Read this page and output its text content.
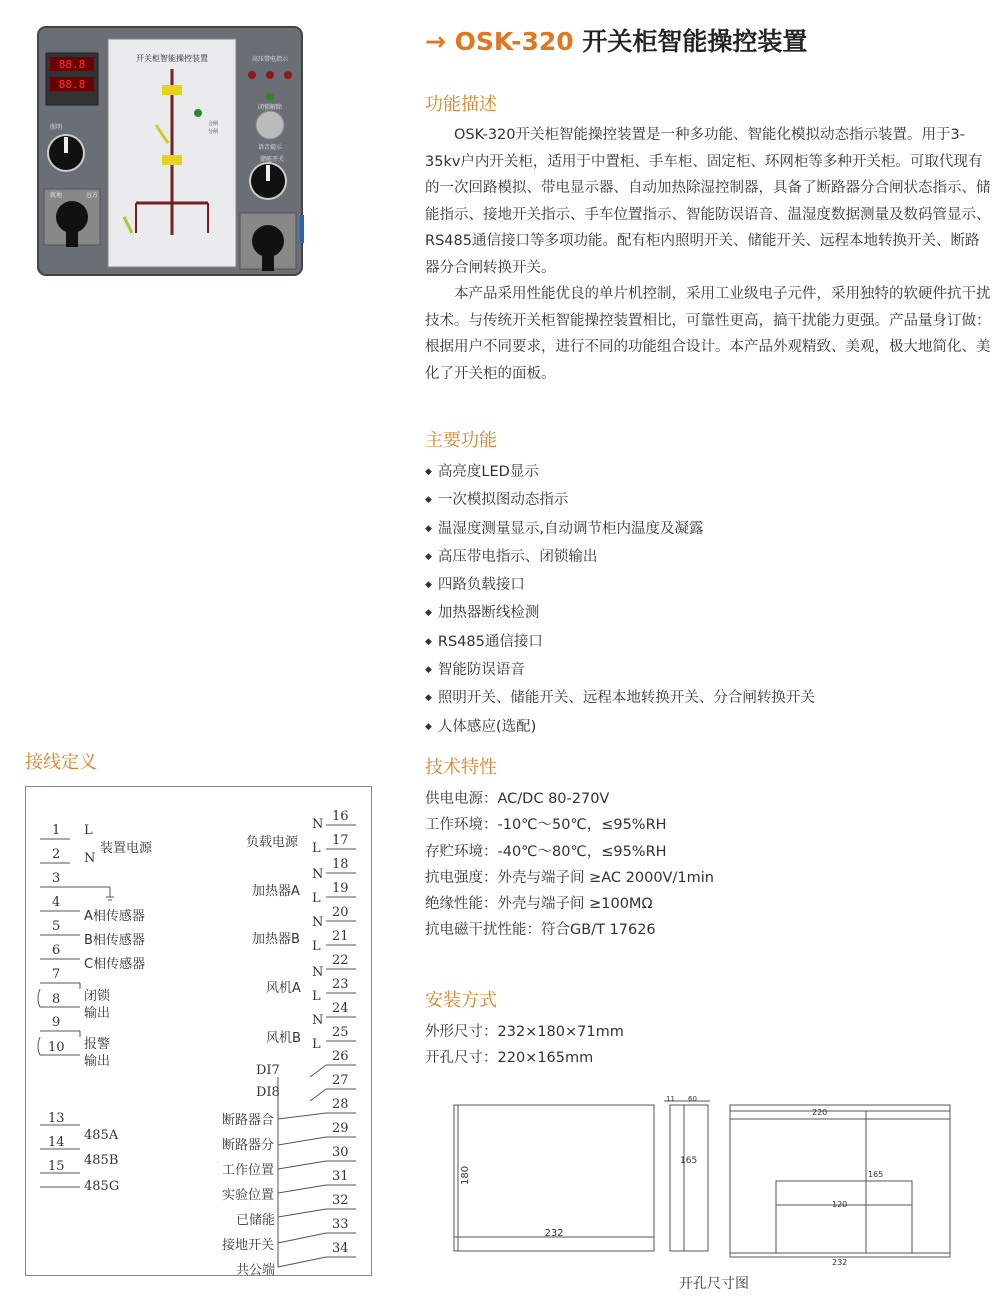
→ OSK-320 开关柜智能操控装置
开关柜智能操控装置
88.8
88.8
高压带电指示
闭锁解除
语音提示
储能开关
照明
远方
就地
合闸
分闸
功能描述

OSK-320开关柜智能操控装置是一种多功能、智能化模拟动态指示装置。用于3-35kv户内开关柜，适用于中置柜、手车柜、固定柜、环网柜等多种开关柜。可取代现有的一次回路模拟、带电显示器、自动加热除湿控制器，具备了断路器分合闸状态指示、储能指示、接地开关指示、手车位置指示、智能防误语音、温湿度数据测量及数码管显示、RS485通信接口等多项功能。配有柜内照明开关、储能开关、远程本地转换开关、断路器分合闸转换开关。

本产品采用性能优良的单片机控制，采用工业级电子元件，采用独特的软硬件抗干扰技术。与传统开关柜智能操控装置相比，可靠性更高，搞干扰能力更强。产品量身订做：根据用户不同要求，进行不同的功能组合设计。本产品外观精致、美观，极大地简化、美化了开关柜的面板。

主要功能
◆ 高亮度LED显示
◆ 一次模拟图动态指示
◆ 温湿度测量显示,自动调节柜内温度及凝露
◆ 高压带电指示、闭锁输出
◆ 四路负载接口
◆ 加热器断线检测
◆ RS485通信接口
◆ 智能防误语音
◆ 照明开关、储能开关、远程本地转换开关、分合闸转换开关
◆ 人体感应(选配)
技术特性
供电电源：AC/DC 80-270V
工作环境：-10℃～50℃，≤95%RH
存贮环境：-40℃～80℃，≤95%RH
抗电强度：外壳与端子间 ≥AC 2000V/1min
绝缘性能：外壳与端子间 ≥100MΩ
抗电磁干扰性能：符合GB/T 17626
安装方式
外形尺寸：232×180×71mm
开孔尺寸：220×165mm
接线定义
1
2
3
4
5
6
7
8
9
10
13
14
15
L
N
装置电源
A相传感器
B相传感器
C相传感器
闭锁
输出
报警
输出
485A
485B
485G
16
17
18
19
20
21
22
23
24
25
26
27
28
29
30
31
32
33
34
N
L
N
L
N
L
N
L
N
L
负载电源
加热器A
加热器B
风机A
风机B
DI7
DI8
断路器合
断路器分
工作位置
实验位置
已储能
接地开关
共公端
232
180
11 60
165
220
165
120
232
开孔尺寸图
